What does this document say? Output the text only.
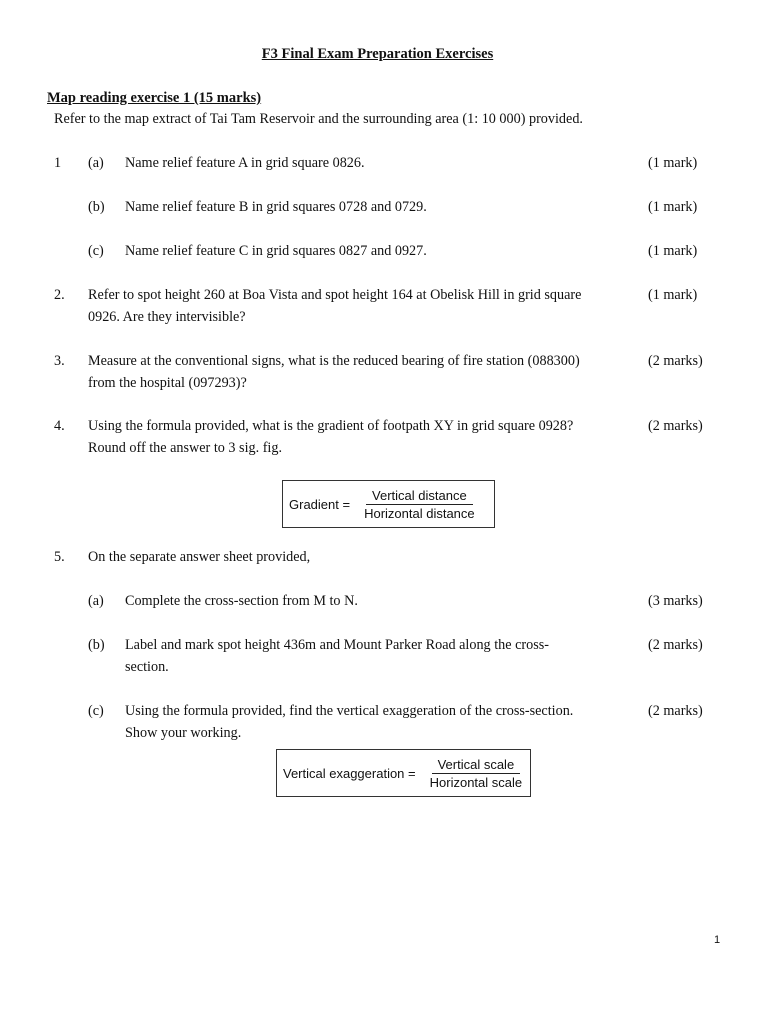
F3 Final Exam Preparation Exercises
Map reading exercise 1 (15 marks)
Refer to the map extract of Tai Tam Reservoir and the surrounding area (1: 10 000) provided.
1 (a) Name relief feature A in grid square 0826.	(1 mark)
(b) Name relief feature B in grid squares 0728 and 0729.	(1 mark)
(c) Name relief feature C in grid squares 0827 and 0927.	(1 mark)
2. Refer to spot height 260 at Boa Vista and spot height 164 at Obelisk Hill in grid square
0926. Are they intervisible?
(1 mark)
3. Measure at the conventional signs, what is the reduced bearing of fire station (088300)
from the hospital (097293)?
(2 marks)
4. Using the formula provided, what is the gradient of footpath XY in grid square 0928?
Round off the answer to 3 sig. fig.
(2 marks)
Gradient = $\frac{\text{Vertical distance}}{\text{Horizontal distance}}$
5. On the separate answer sheet provided,
(a) Complete the cross-section from M to N.	(3 marks)
(b) Label and mark spot height 436m and Mount Parker Road along the cross-
section.
(2 marks)
(c) Using the formula provided, find the vertical exaggeration of the cross-section.
Show your working.
(2 marks)
Vertical exaggeration = $\frac{\text{Vertical scale}}{\text{Horizontal scale}}$
1
